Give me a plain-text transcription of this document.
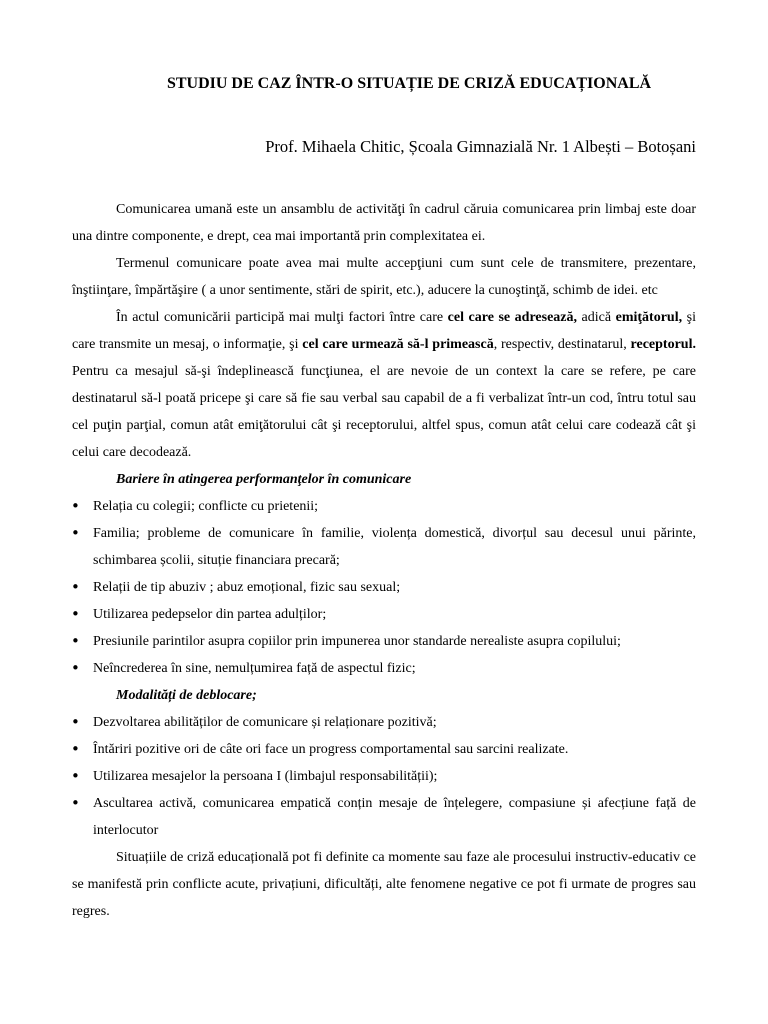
STUDIU DE CAZ ÎNTR-O SITUAȚIE DE CRIZĂ EDUCAȚIONALĂ
Prof. Mihaela Chitic, Școala Gimnazială Nr. 1 Albești – Botoșani

Comunicarea umană este un ansamblu de activităţi în cadrul căruia comunicarea prin limbaj este doar una dintre componente, e drept, cea mai importantă prin complexitatea ei.

Termenul comunicare poate avea mai multe accepţiuni cum sunt cele de transmitere, prezentare, înştiinţare, împărtăşire ( a unor sentimente, stări de spirit, etc.), aducere la cunoştinţă, schimb de idei. etc

În actul comunicării participă mai mulţi factori între care cel care se adresează, adică emiţătorul, şi care transmite un mesaj, o informaţie, şi cel care urmează să-l primească, respectiv, destinatarul, receptorul. Pentru ca mesajul să-şi îndeplinească funcţiunea, el are nevoie de un context la care se refere, pe care destinatarul să-l poată pricepe şi care să fie sau verbal sau capabil de a fi verbalizat într-un cod, întru totul sau cel puţin parţial, comun atât emiţătorului cât şi receptorului, altfel spus, comun atât celui care codează cât şi celui care decodează.

Bariere în atingerea performanţelor în comunicare

• Relația cu colegii; conflicte cu prietenii;
• Familia; probleme de comunicare în familie, violența domestică, divorțul sau decesul unui părinte, schimbarea școlii, situție financiara precară;
• Relații de tip abuziv ; abuz emoțional, fizic sau sexual;
• Utilizarea pedepselor din partea adulților;
• Presiunile parintilor asupra copiilor prin impunerea unor standarde nerealiste asupra copilului;
• Neîncrederea în sine, nemulțumirea față de aspectul fizic;

Modalități de deblocare;

• Dezvoltarea abilităților de comunicare și relaționare pozitivă;
• Întăriri pozitive ori de câte ori face un progress comportamental sau sarcini realizate.
• Utilizarea mesajelor la persoana I (limbajul responsabilității);
• Ascultarea activă, comunicarea empatică conțin mesaje de înțelegere, compasiune și afecțiune față de interlocutor

Situațiile de criză educațională pot fi definite ca momente sau faze ale procesului instructiv-educativ ce se manifestă prin conflicte acute, privațiuni, dificultăți, alte fenomene negative ce pot fi urmate de progres sau regres.
